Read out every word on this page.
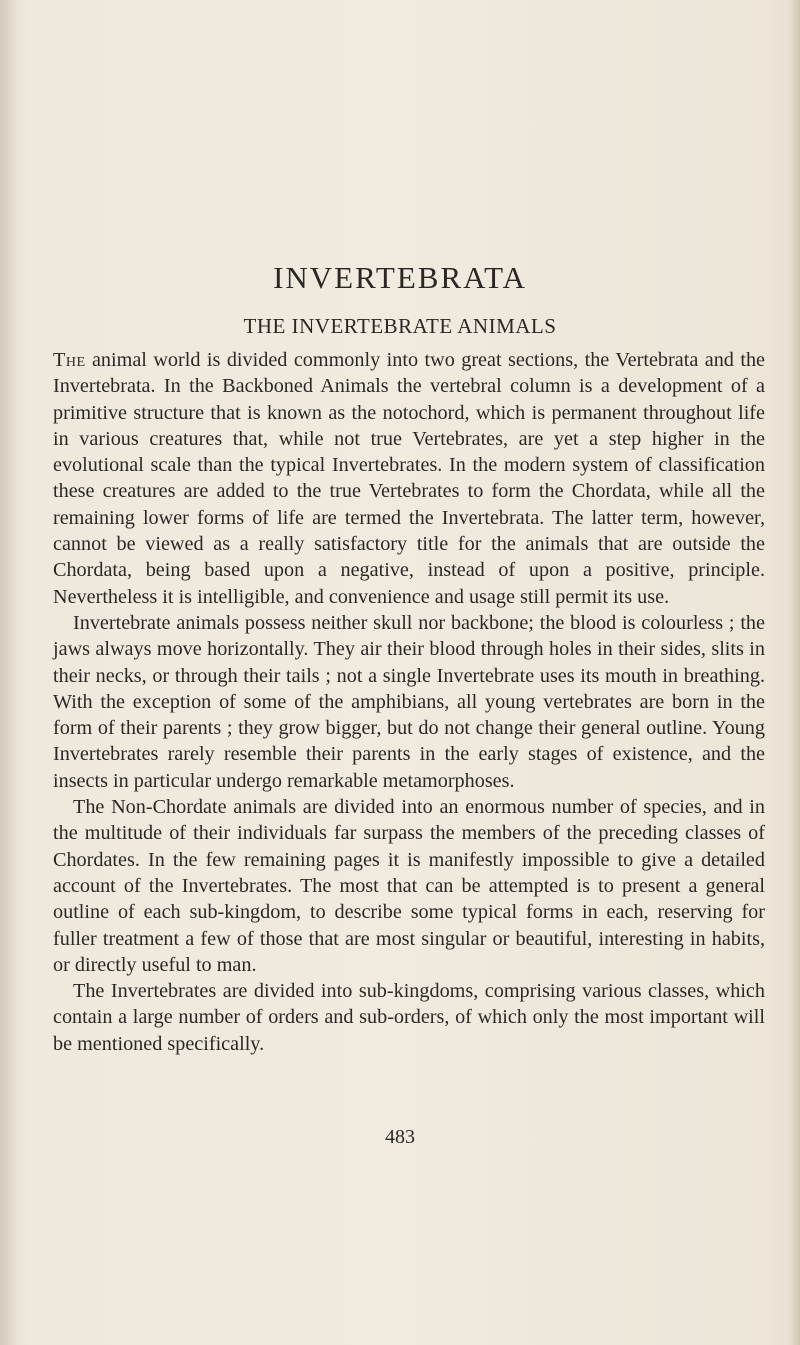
INVERTEBRATA
THE INVERTEBRATE ANIMALS

The animal world is divided commonly into two great sections, the Vertebrata and the Invertebrata. In the Backboned Animals the vertebral column is a development of a primitive structure that is known as the notochord, which is permanent throughout life in various creatures that, while not true Vertebrates, are yet a step higher in the evolutional scale than the typical Invertebrates. In the modern system of classification these creatures are added to the true Vertebrates to form the Chordata, while all the remaining lower forms of life are termed the Invertebrata. The latter term, however, cannot be viewed as a really satisfactory title for the animals that are outside the Chordata, being based upon a negative, instead of upon a positive, principle. Nevertheless it is intelligible, and convenience and usage still permit its use.

Invertebrate animals possess neither skull nor backbone; the blood is colourless ; the jaws always move horizontally. They air their blood through holes in their sides, slits in their necks, or through their tails ; not a single Invertebrate uses its mouth in breathing. With the exception of some of the amphibians, all young vertebrates are born in the form of their parents ; they grow bigger, but do not change their general outline. Young Invertebrates rarely resemble their parents in the early stages of existence, and the insects in particular undergo remarkable metamorphoses.

The Non-Chordate animals are divided into an enormous number of species, and in the multitude of their individuals far surpass the members of the preceding classes of Chordates. In the few remaining pages it is manifestly impossible to give a detailed account of the Invertebrates. The most that can be attempted is to present a general outline of each sub-kingdom, to describe some typical forms in each, reserving for fuller treatment a few of those that are most singular or beautiful, interesting in habits, or directly useful to man.

The Invertebrates are divided into sub-kingdoms, comprising various classes, which contain a large number of orders and sub-orders, of which only the most important will be mentioned specifically.

483
